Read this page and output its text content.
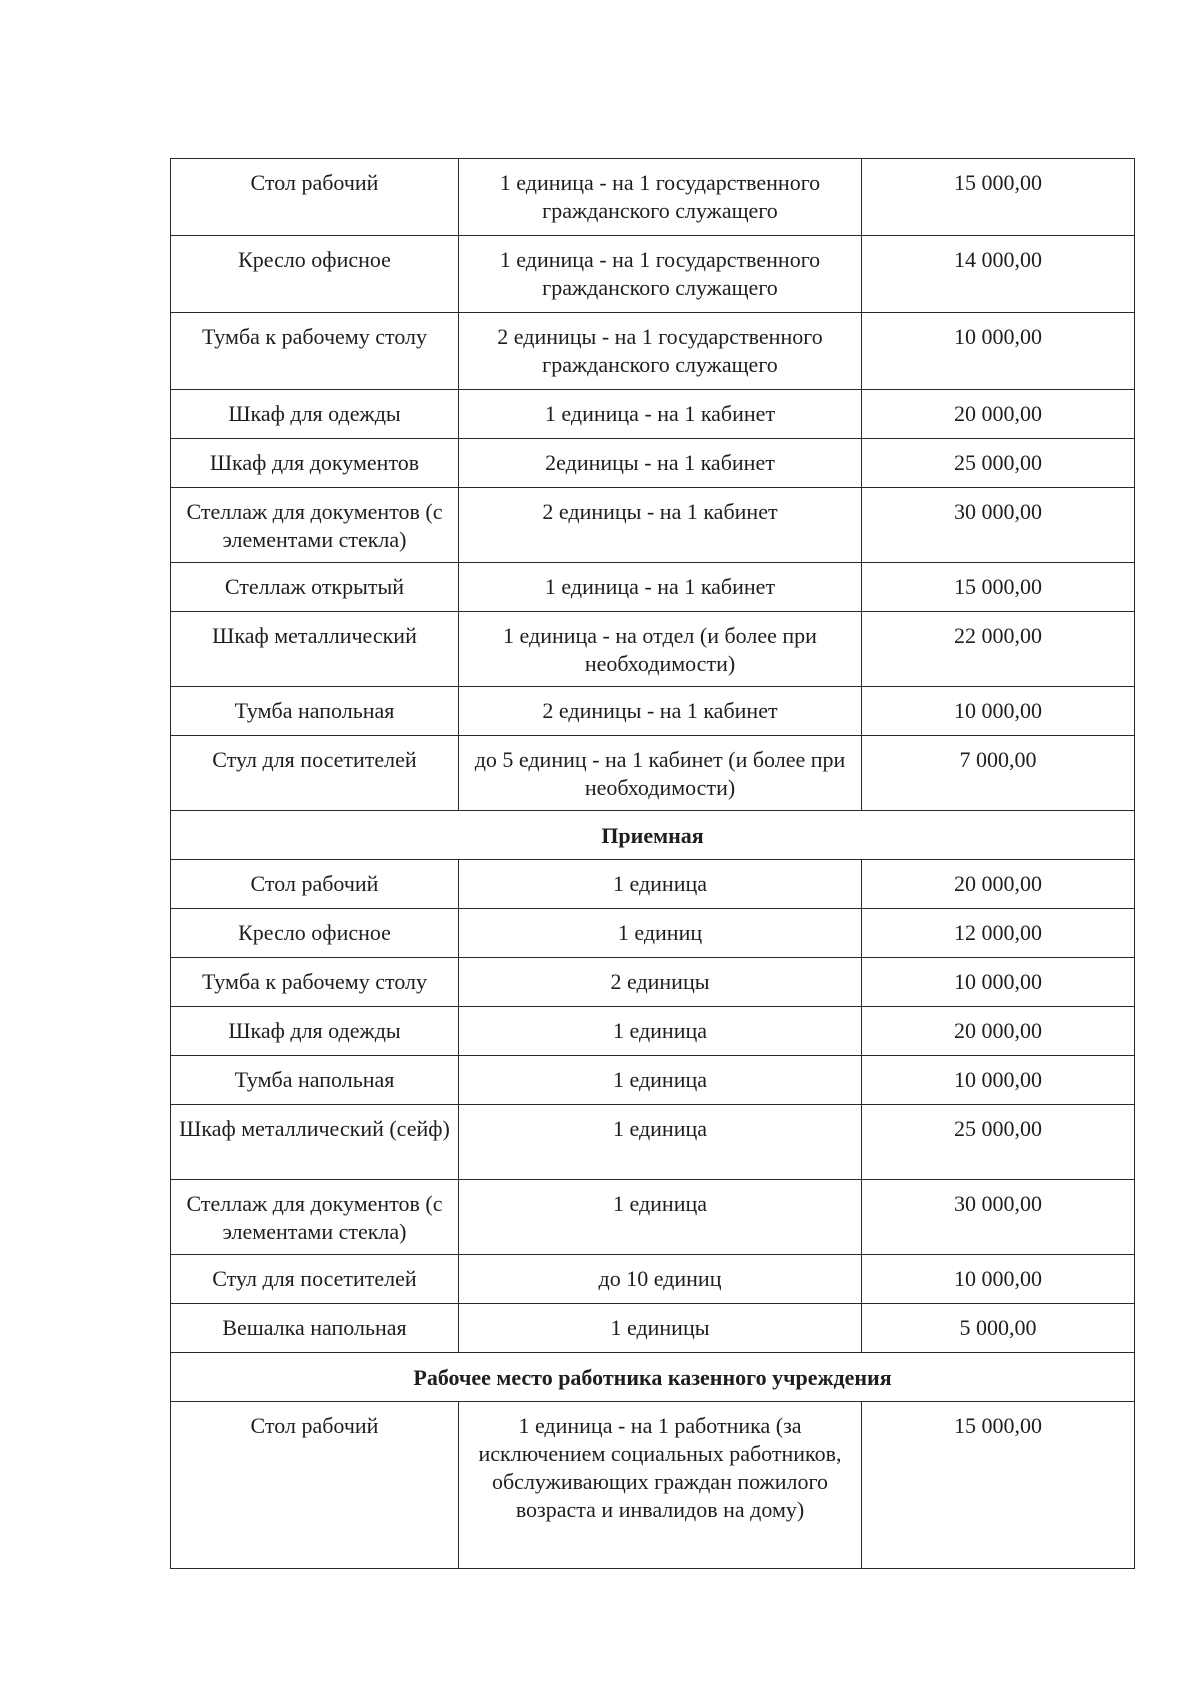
Стол рабочий	1 единица - на 1 государственного гражданского служащего	15 000,00
Кресло офисное	1 единица - на 1 государственного гражданского служащего	14 000,00
Тумба к рабочему столу	2 единицы - на 1 государственного гражданского служащего	10 000,00
Шкаф для одежды	1 единица - на 1 кабинет	20 000,00
Шкаф для документов	2единицы - на 1 кабинет	25 000,00
Стеллаж для документов (с элементами стекла)	2 единицы - на 1 кабинет	30 000,00
Стеллаж открытый	1 единица - на 1 кабинет	15 000,00
Шкаф металлический	1 единица - на отдел (и более при необходимости)	22 000,00
Тумба напольная	2 единицы - на 1 кабинет	10 000,00
Стул для посетителей	до 5 единиц - на 1 кабинет (и более при необходимости)	7 000,00
Приемная		
Стол рабочий	1 единица	20 000,00
Кресло офисное	1 единиц	12 000,00
Тумба к рабочему столу	2 единицы	10 000,00
Шкаф для одежды	1 единица	20 000,00
Тумба напольная	1 единица	10 000,00
Шкаф металлический (сейф)	1 единица	25 000,00
Стеллаж для документов (с элементами стекла)	1 единица	30 000,00
Стул для посетителей	до 10 единиц	10 000,00
Вешалка напольная	1 единицы	5 000,00
Рабочее место работника казенного учреждения		
Стол рабочий	1 единица - на 1 работника (за исключением социальных работников, обслуживающих граждан пожилого возраста и инвалидов на дому)	15 000,00
